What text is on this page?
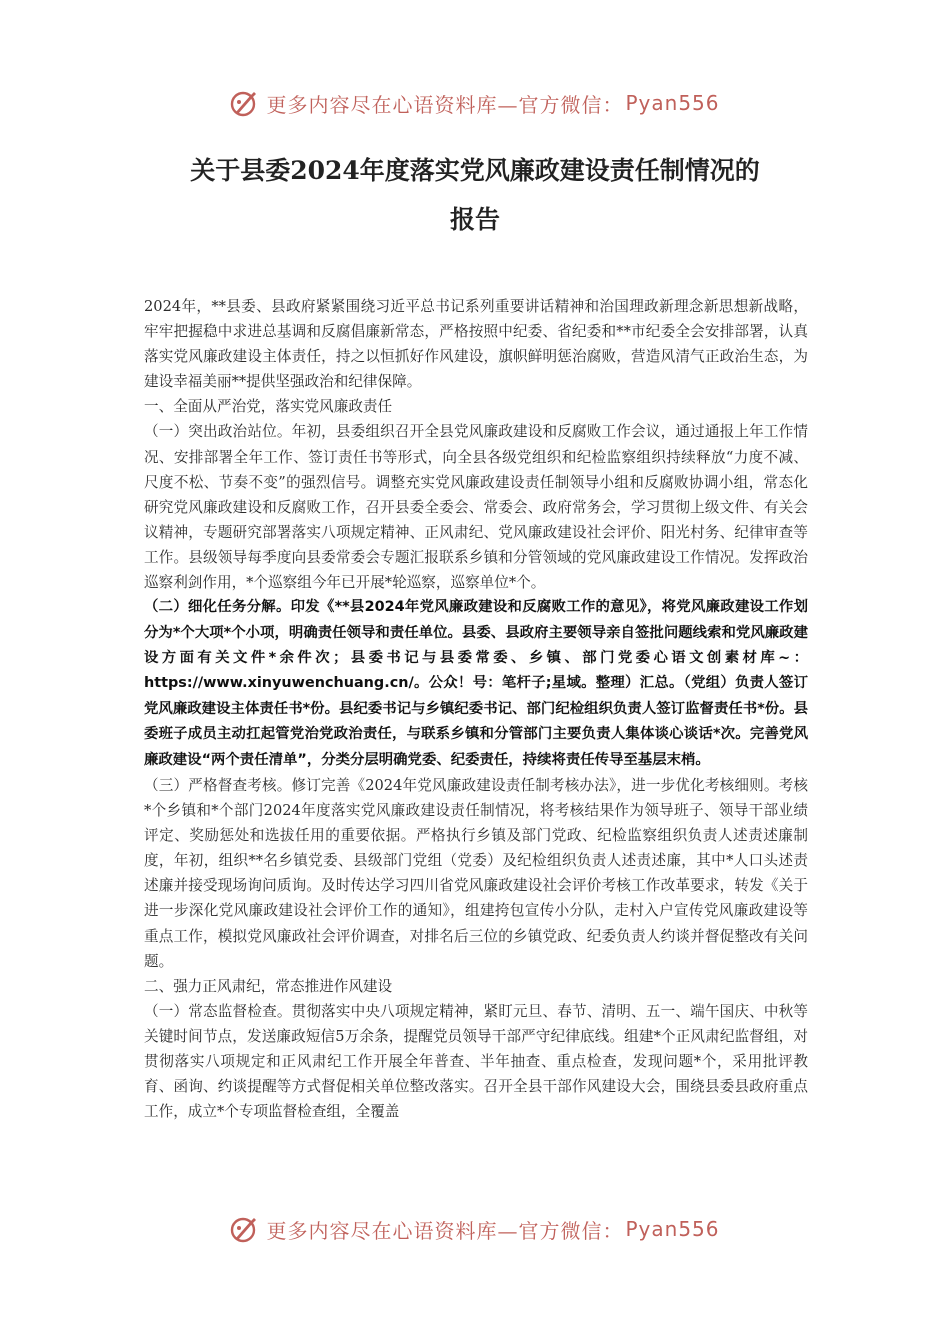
更多内容尽在心语资料库—官方微信： Pyan556
关于县委2024年度落实党风廉政建设责任制情况的
报告

2024年，**县委、县政府紧紧围绕习近平总书记系列重要讲话精神和治国理政新理念新思想新战略，牢牢把握稳中求进总基调和反腐倡廉新常态，严格按照中纪委、省纪委和**市纪委全会安排部署，认真落实党风廉政建设主体责任，持之以恒抓好作风建设，旗帜鲜明惩治腐败，营造风清气正政治生态，为建设幸福美丽**提供坚强政治和纪律保障。

一、全面从严治党，落实党风廉政责任

（一）突出政治站位。年初，县委组织召开全县党风廉政建设和反腐败工作会议，通过通报上年工作情况、安排部署全年工作、签订责任书等形式，向全县各级党组织和纪检监察组织持续释放“力度不减、尺度不松、节奏不变”的强烈信号。调整充实党风廉政建设责任制领导小组和反腐败协调小组，常态化研究党风廉政建设和反腐败工作，召开县委全委会、常委会、政府常务会，学习贯彻上级文件、有关会议精神，专题研究部署落实八项规定精神、正风肃纪、党风廉政建设社会评价、阳光村务、纪律审查等工作。县级领导每季度向县委常委会专题汇报联系乡镇和分管领域的党风廉政建设工作情况。发挥政治巡察利剑作用，*个巡察组今年已开展*轮巡察，巡察单位*个。

（二）细化任务分解。印发《**县2024年党风廉政建设和反腐败工作的意见》，将党风廉政建设工作划分为*个大项*个小项，明确责任领导和责任单位。县委、县政府主要领导亲自签批问题线索和党风廉政建设方面有关文件*余件次；县委书记与县委常委、乡镇、部门党委心语文创素材库~：https://www.xinyuwenchuang.cn/。公众！号：笔杆子;星域。整理）汇总。（党组）负责人签订党风廉政建设主体责任书*份。县纪委书记与乡镇纪委书记、部门纪检组织负责人签订监督责任书*份。县委班子成员主动扛起管党治党政治责任，与联系乡镇和分管部门主要负责人集体谈心谈话*次。完善党风廉政建设“两个责任清单”，分类分层明确党委、纪委责任，持续将责任传导至基层末梢。

（三）严格督查考核。修订完善《2024年党风廉政建设责任制考核办法》，进一步优化考核细则。考核*个乡镇和*个部门2024年度落实党风廉政建设责任制情况，将考核结果作为领导班子、领导干部业绩评定、奖励惩处和选拔任用的重要依据。严格执行乡镇及部门党政、纪检监察组织负责人述责述廉制度，年初，组织**名乡镇党委、县级部门党组（党委）及纪检组织负责人述责述廉，其中*人口头述责述廉并接受现场询问质询。及时传达学习四川省党风廉政建设社会评价考核工作改革要求，转发《关于进一步深化党风廉政建设社会评价工作的通知》，组建挎包宣传小分队，走村入户宣传党风廉政建设等重点工作，模拟党风廉政社会评价调查，对排名后三位的乡镇党政、纪委负责人约谈并督促整改有关问题。

二、强力正风肃纪，常态推进作风建设

（一）常态监督检查。贯彻落实中央八项规定精神，紧盯元旦、春节、清明、五一、端午国庆、中秋等关键时间节点，发送廉政短信5万余条，提醒党员领导干部严守纪律底线。组建*个正风肃纪监督组，对贯彻落实八项规定和正风肃纪工作开展全年普查、半年抽查、重点检查，发现问题*个，采用批评教育、函询、约谈提醒等方式督促相关单位整改落实。召开全县干部作风建设大会，围绕县委县政府重点工作，成立*个专项监督检查组，全覆盖

更多内容尽在心语资料库—官方微信： Pyan556
